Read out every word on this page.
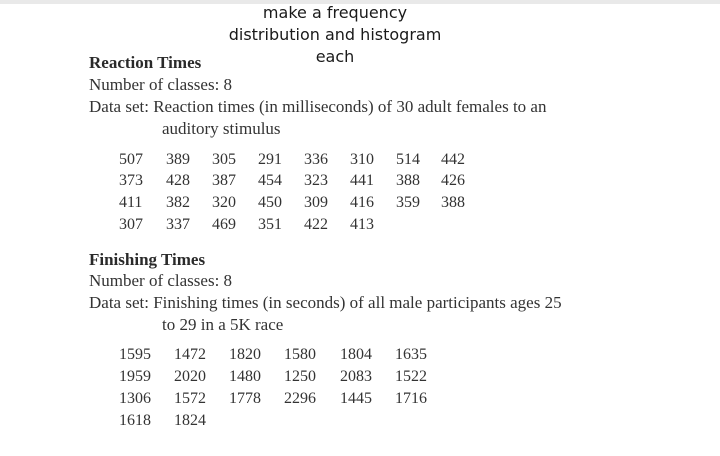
make a frequency
distribution and histogram
each
Reaction Times
Number of classes: 8
Data set: Reaction times (in milliseconds) of 30 adult females to an
auditory stimulus
507 389 305 291 336 310 514 442
373 428 387 454 323 441 388 426
411 382 320 450 309 416 359 388
307 337 469 351 422 413
Finishing Times
Number of classes: 8
Data set: Finishing times (in seconds) of all male participants ages 25
to 29 in a 5K race
1595 1472 1820 1580 1804 1635
1959 2020 1480 1250 2083 1522
1306 1572 1778 2296 1445 1716
1618 1824
